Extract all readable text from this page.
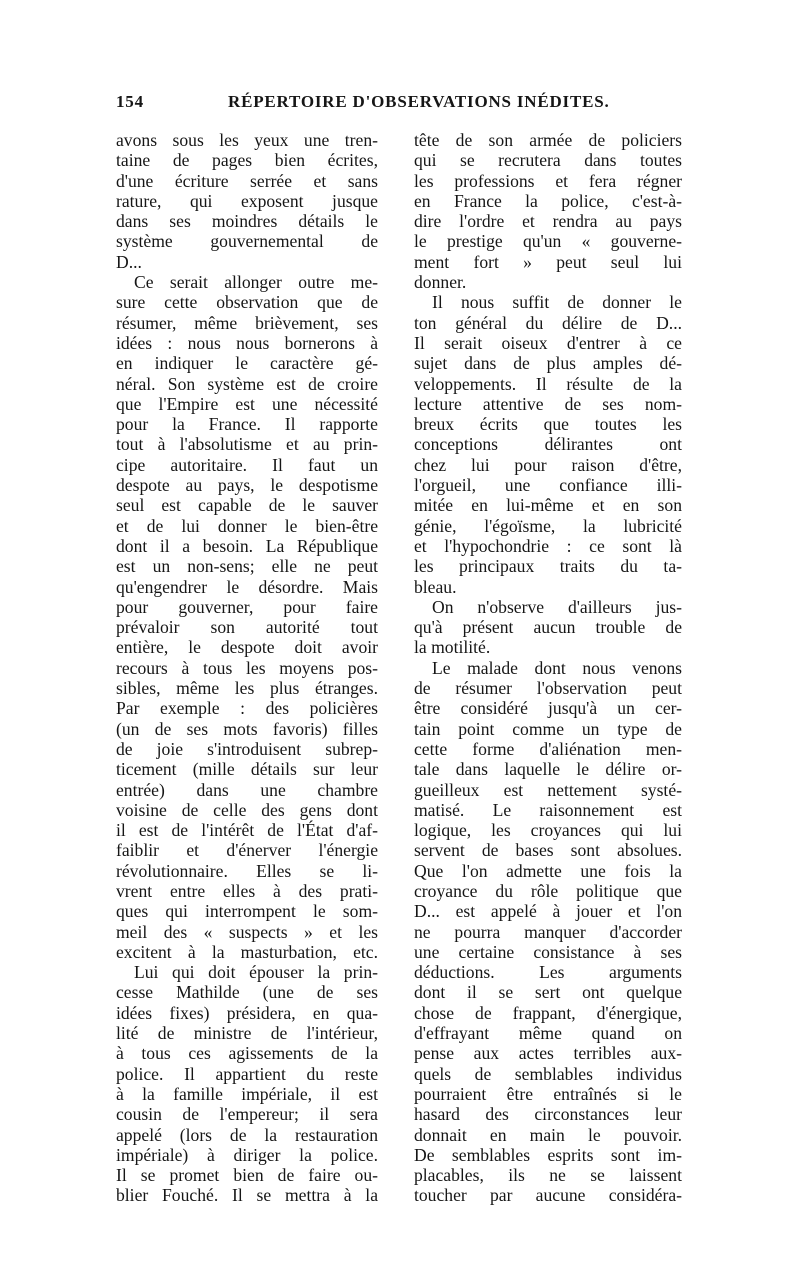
154	RÉPERTOIRE D'OBSERVATIONS INÉDITES.
avons sous les yeux une tren-
taine de pages bien écrites,
d'une écriture serrée et sans
rature, qui exposent jusque
dans ses moindres détails le
système gouvernemental de
D...
Ce serait allonger outre me-
sure cette observation que de
résumer, même brièvement, ses
idées : nous nous bornerons à
en indiquer le caractère gé-
néral. Son système est de croire
que l'Empire est une nécessité
pour la France. Il rapporte
tout à l'absolutisme et au prin-
cipe autoritaire. Il faut un
despote au pays, le despotisme
seul est capable de le sauver
et de lui donner le bien-être
dont il a besoin. La République
est un non-sens; elle ne peut
qu'engendrer le désordre. Mais
pour gouverner, pour faire
prévaloir son autorité tout
entière, le despote doit avoir
recours à tous les moyens pos-
sibles, même les plus étranges.
Par exemple : des policières
(un de ses mots favoris) filles
de joie s'introduisent subrep-
ticement (mille détails sur leur
entrée) dans une chambre
voisine de celle des gens dont
il est de l'intérêt de l'État d'af-
faiblir et d'énerver l'énergie
révolutionnaire. Elles se li-
vrent entre elles à des prati-
ques qui interrompent le som-
meil des « suspects » et les
excitent à la masturbation, etc.
Lui qui doit épouser la prin-
cesse Mathilde (une de ses
idées fixes) présidera, en qua-
lité de ministre de l'intérieur,
à tous ces agissements de la
police. Il appartient du reste
à la famille impériale, il est
cousin de l'empereur; il sera
appelé (lors de la restauration
impériale) à diriger la police.
Il se promet bien de faire ou-
blier Fouché. Il se mettra à la
tête de son armée de policiers
qui se recrutera dans toutes
les professions et fera régner
en France la police, c'est-à-
dire l'ordre et rendra au pays
le prestige qu'un « gouverne-
ment fort » peut seul lui
donner.
Il nous suffit de donner le
ton général du délire de D...
Il serait oiseux d'entrer à ce
sujet dans de plus amples dé-
veloppements. Il résulte de la
lecture attentive de ses nom-
breux écrits que toutes les
conceptions délirantes ont
chez lui pour raison d'être,
l'orgueil, une confiance illi-
mitée en lui-même et en son
génie, l'égoïsme, la lubricité
et l'hypochondrie : ce sont là
les principaux traits du ta-
bleau.
On n'observe d'ailleurs jus-
qu'à présent aucun trouble de
la motilité.
Le malade dont nous venons
de résumer l'observation peut
être considéré jusqu'à un cer-
tain point comme un type de
cette forme d'aliénation men-
tale dans laquelle le délire or-
gueilleux est nettement systé-
matisé. Le raisonnement est
logique, les croyances qui lui
servent de bases sont absolues.
Que l'on admette une fois la
croyance du rôle politique que
D... est appelé à jouer et l'on
ne pourra manquer d'accorder
une certaine consistance à ses
déductions. Les arguments
dont il se sert ont quelque
chose de frappant, d'énergique,
d'effrayant même quand on
pense aux actes terribles aux-
quels de semblables individus
pourraient être entraînés si le
hasard des circonstances leur
donnait en main le pouvoir.
De semblables esprits sont im-
placables, ils ne se laissent
toucher par aucune considéra-
